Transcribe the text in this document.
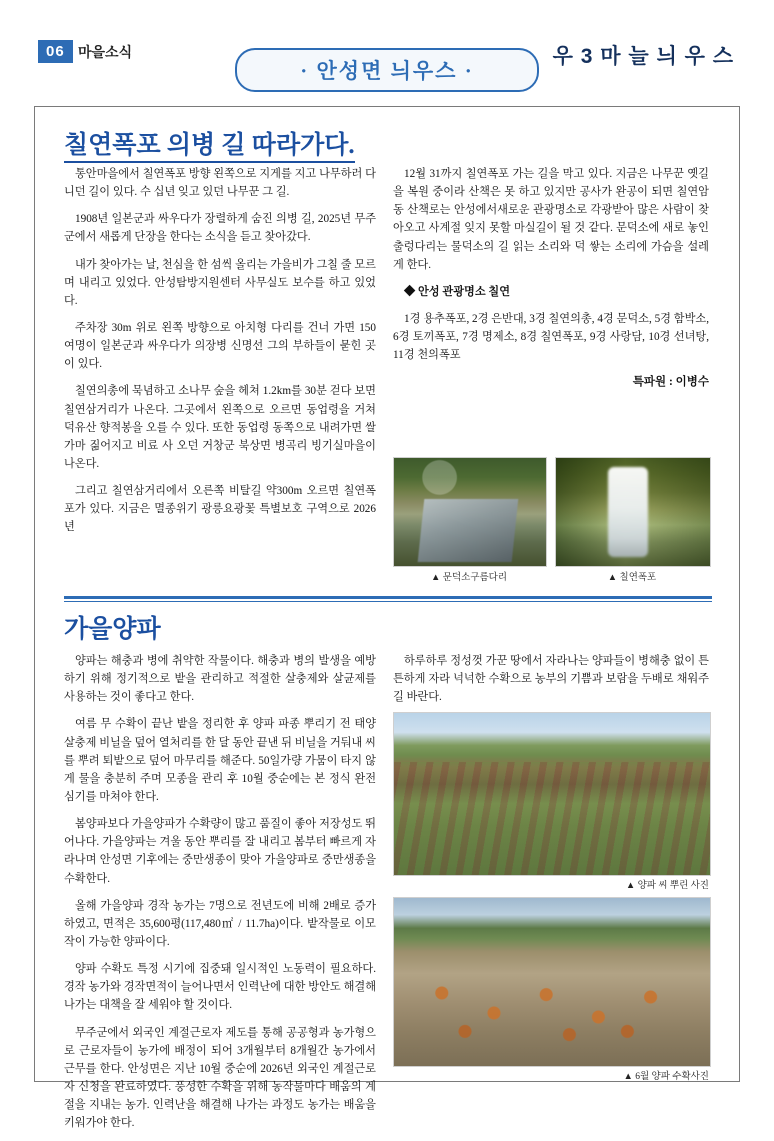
06 마을소식
· 안성면 늬우스 ·
우 3 마 늘 늬 우 스
칠연폭포 의병 길 따라가다.

통안마을에서 칠연폭포 방향 왼쪽으로 지게를 지고 나무하러 다니던 길이 있다. 수 십년 잊고 있던 나무꾼 그 길.

1908년 일본군과 싸우다가 장렬하게 숨진 의병 길, 2025년 무주군에서 새롭게 단장을 한다는 소식을 듣고 찾아갔다.

내가 찾아가는 날, 천심을 한 섬씩 올리는 가을비가 그칠 줄 모르며 내리고 있었다. 안성탐방지원센터 사무실도 보수를 하고 있었다.

주차장 30m 위로 왼쪽 방향으로 아치형 다리를 건너 가면 150 여명이 일본군과 싸우다가 의장병 신명선 그의 부하들이 묻힌 곳이 있다.

칠연의총에 묵념하고 소나무 숲을 헤쳐 1.2km를 30분 걷다 보면 칠연삼거리가 나온다. 그곳에서 왼쪽으로 오르면 동업령을 거쳐 덕유산 향적봉을 오를 수 있다. 또한 동업령 동쪽으로 내려가면 쌀가마 짊어지고 비료 사 오던 거창군 북상면 병곡리 빙기실마을이 나온다.

그리고 칠연삼거리에서 오른쪽 비탈길 약300m 오르면 칠연폭포가 있다. 지금은 멸종위기 광릉요광꽃 특별보호 구역으로 2026년

12월 31까지 칠연폭포 가는 길을 막고 있다. 지금은 나무꾼 옛길을 복원 중이라 산책은 못 하고 있지만 공사가 완공이 되면 칠연암동 산책로는 안성에서새로운 관광명소로 각광받아 많은 사람이 찾아오고 사계절 잊지 못할 마실길이 될 것 같다. 문덕소에 새로 놓인 출렁다리는 물덕소의 길 읽는 소리와 덕 쌓는 소리에 가슴을 설레게 한다.

◆ 안성 관광명소 칠연

1경 용추폭포, 2경 은반대, 3경 칠연의총, 4경 문덕소, 5경 함박소, 6경 토끼폭포, 7경 명제소, 8경 칠연폭포, 9경 사랑담, 10경 선녀탕, 11경 천의폭포

특파원 : 이병수
▲ 문덕소구름다리	▲ 칠연폭포
가을양파

양파는 해충과 병에 취약한 작물이다. 해충과 병의 발생을 예방하기 위해 정기적으로 밭을 관리하고 적절한 살충제와 살균제를 사용하는 것이 좋다고 한다.

여름 무 수확이 끝난 밭을 정리한 후 양파 파종 뿌리기 전 태양 살충제 비닐을 덮어 열처리를 한 달 동안 끝낸 뒤 비닐을 거둬내 씨를 뿌려 퇴밭으로 덮어 마무리를 해준다. 50일가량 가뭄이 타지 않게 물을 충분히 주며 모종을 관리 후 10월 중순에는 본 정식 완전심기를 마쳐야 한다.

봄양파보다 가을양파가 수확량이 많고 품질이 좋아 저장성도 뛰어나다. 가을양파는 겨울 동안 뿌리를 잘 내리고 봄부터 빠르게 자라나며 안성면 기후에는 중만생종이 맞아 가을양파로 중만생종을 수확한다.

올해 가을양파 경작 농가는 7명으로 전년도에 비해 2배로 증가하였고, 면적은 35,600평(117,480㎡ / 11.7ha)이다. 밭작물로 이모작이 가능한 양파이다.

양파 수확도 특정 시기에 집중돼 일시적인 노동력이 필요하다. 경작 농가와 경작면적이 늘어나면서 인력난에 대한 방안도 해결해 나가는 대책을 잘 세워야 할 것이다.

무주군에서 외국인 계절근로자 제도를 통해 공공형과 농가형으로 근로자들이 농가에 배정이 되어 3개월부터 8개월간 농가에서 근무를 한다. 안성면은 지난 10월 중순에 2026년 외국인 계절근로자 신청을 완료하였다. 풍성한 수확을 위해 농작물마다 배움의 계절을 지내는 농가. 인력난을 해결해 나가는 과정도 농가는 배움을 키워가야 한다.

하루하루 정성껏 가꾼 땅에서 자라나는 양파들이 병해충 없이 튼튼하게 자라 넉넉한 수확으로 농부의 기쁨과 보람을 두배로 채워주길 바란다.

▲ 양파 씨 뿌린 사진
▲ 6월 양파 수확사진
